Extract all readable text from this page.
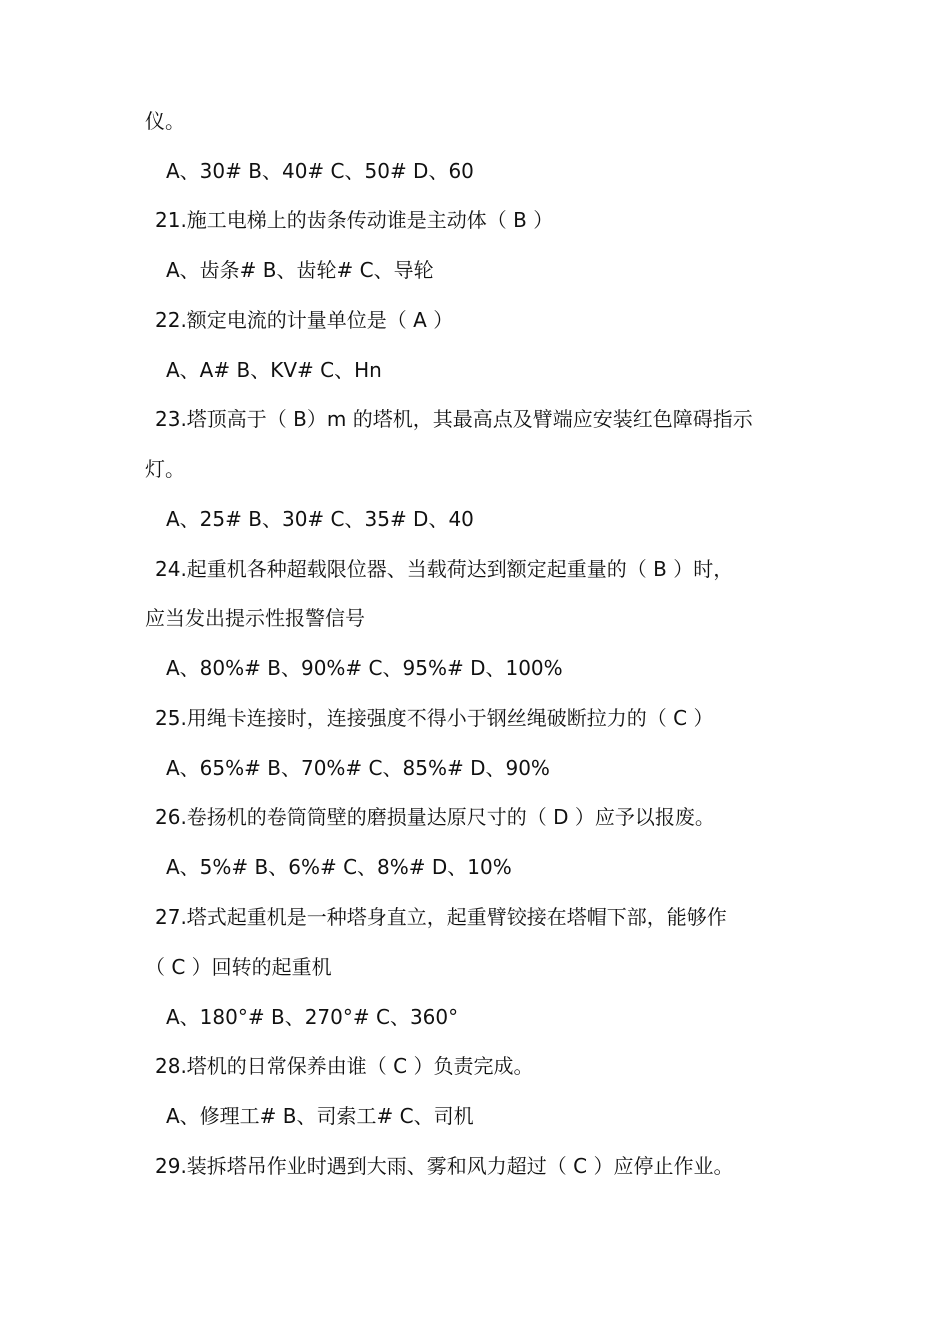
仪。
A、30# B、40# C、50# D、60
21.施工电梯上的齿条传动谁是主动体（ B ）
A、齿条# B、齿轮# C、导轮
22.额定电流的计量单位是（ A ）
A、A# B、KV# C、Hn
23.塔顶高于（ B）m 的塔机，其最高点及臂端应安装红色障碍指示
灯。
A、25# B、30# C、35# D、40
24.起重机各种超载限位器、当载荷达到额定起重量的（ B ）时，
应当发出提示性报警信号
A、80%# B、90%# C、95%# D、100%
25.用绳卡连接时，连接强度不得小于钢丝绳破断拉力的（ C ）
A、65%# B、70%# C、85%# D、90%
26.卷扬机的卷筒筒壁的磨损量达原尺寸的（ D ）应予以报废。
A、5%# B、6%# C、8%# D、10%
27.塔式起重机是一种塔身直立，起重臂铰接在塔帽下部，能够作
（ C ）回转的起重机
A、180°# B、270°# C、360°
28.塔机的日常保养由谁（ C ）负责完成。
A、修理工# B、司索工# C、司机
29.装拆塔吊作业时遇到大雨、雾和风力超过（ C ）应停止作业。
